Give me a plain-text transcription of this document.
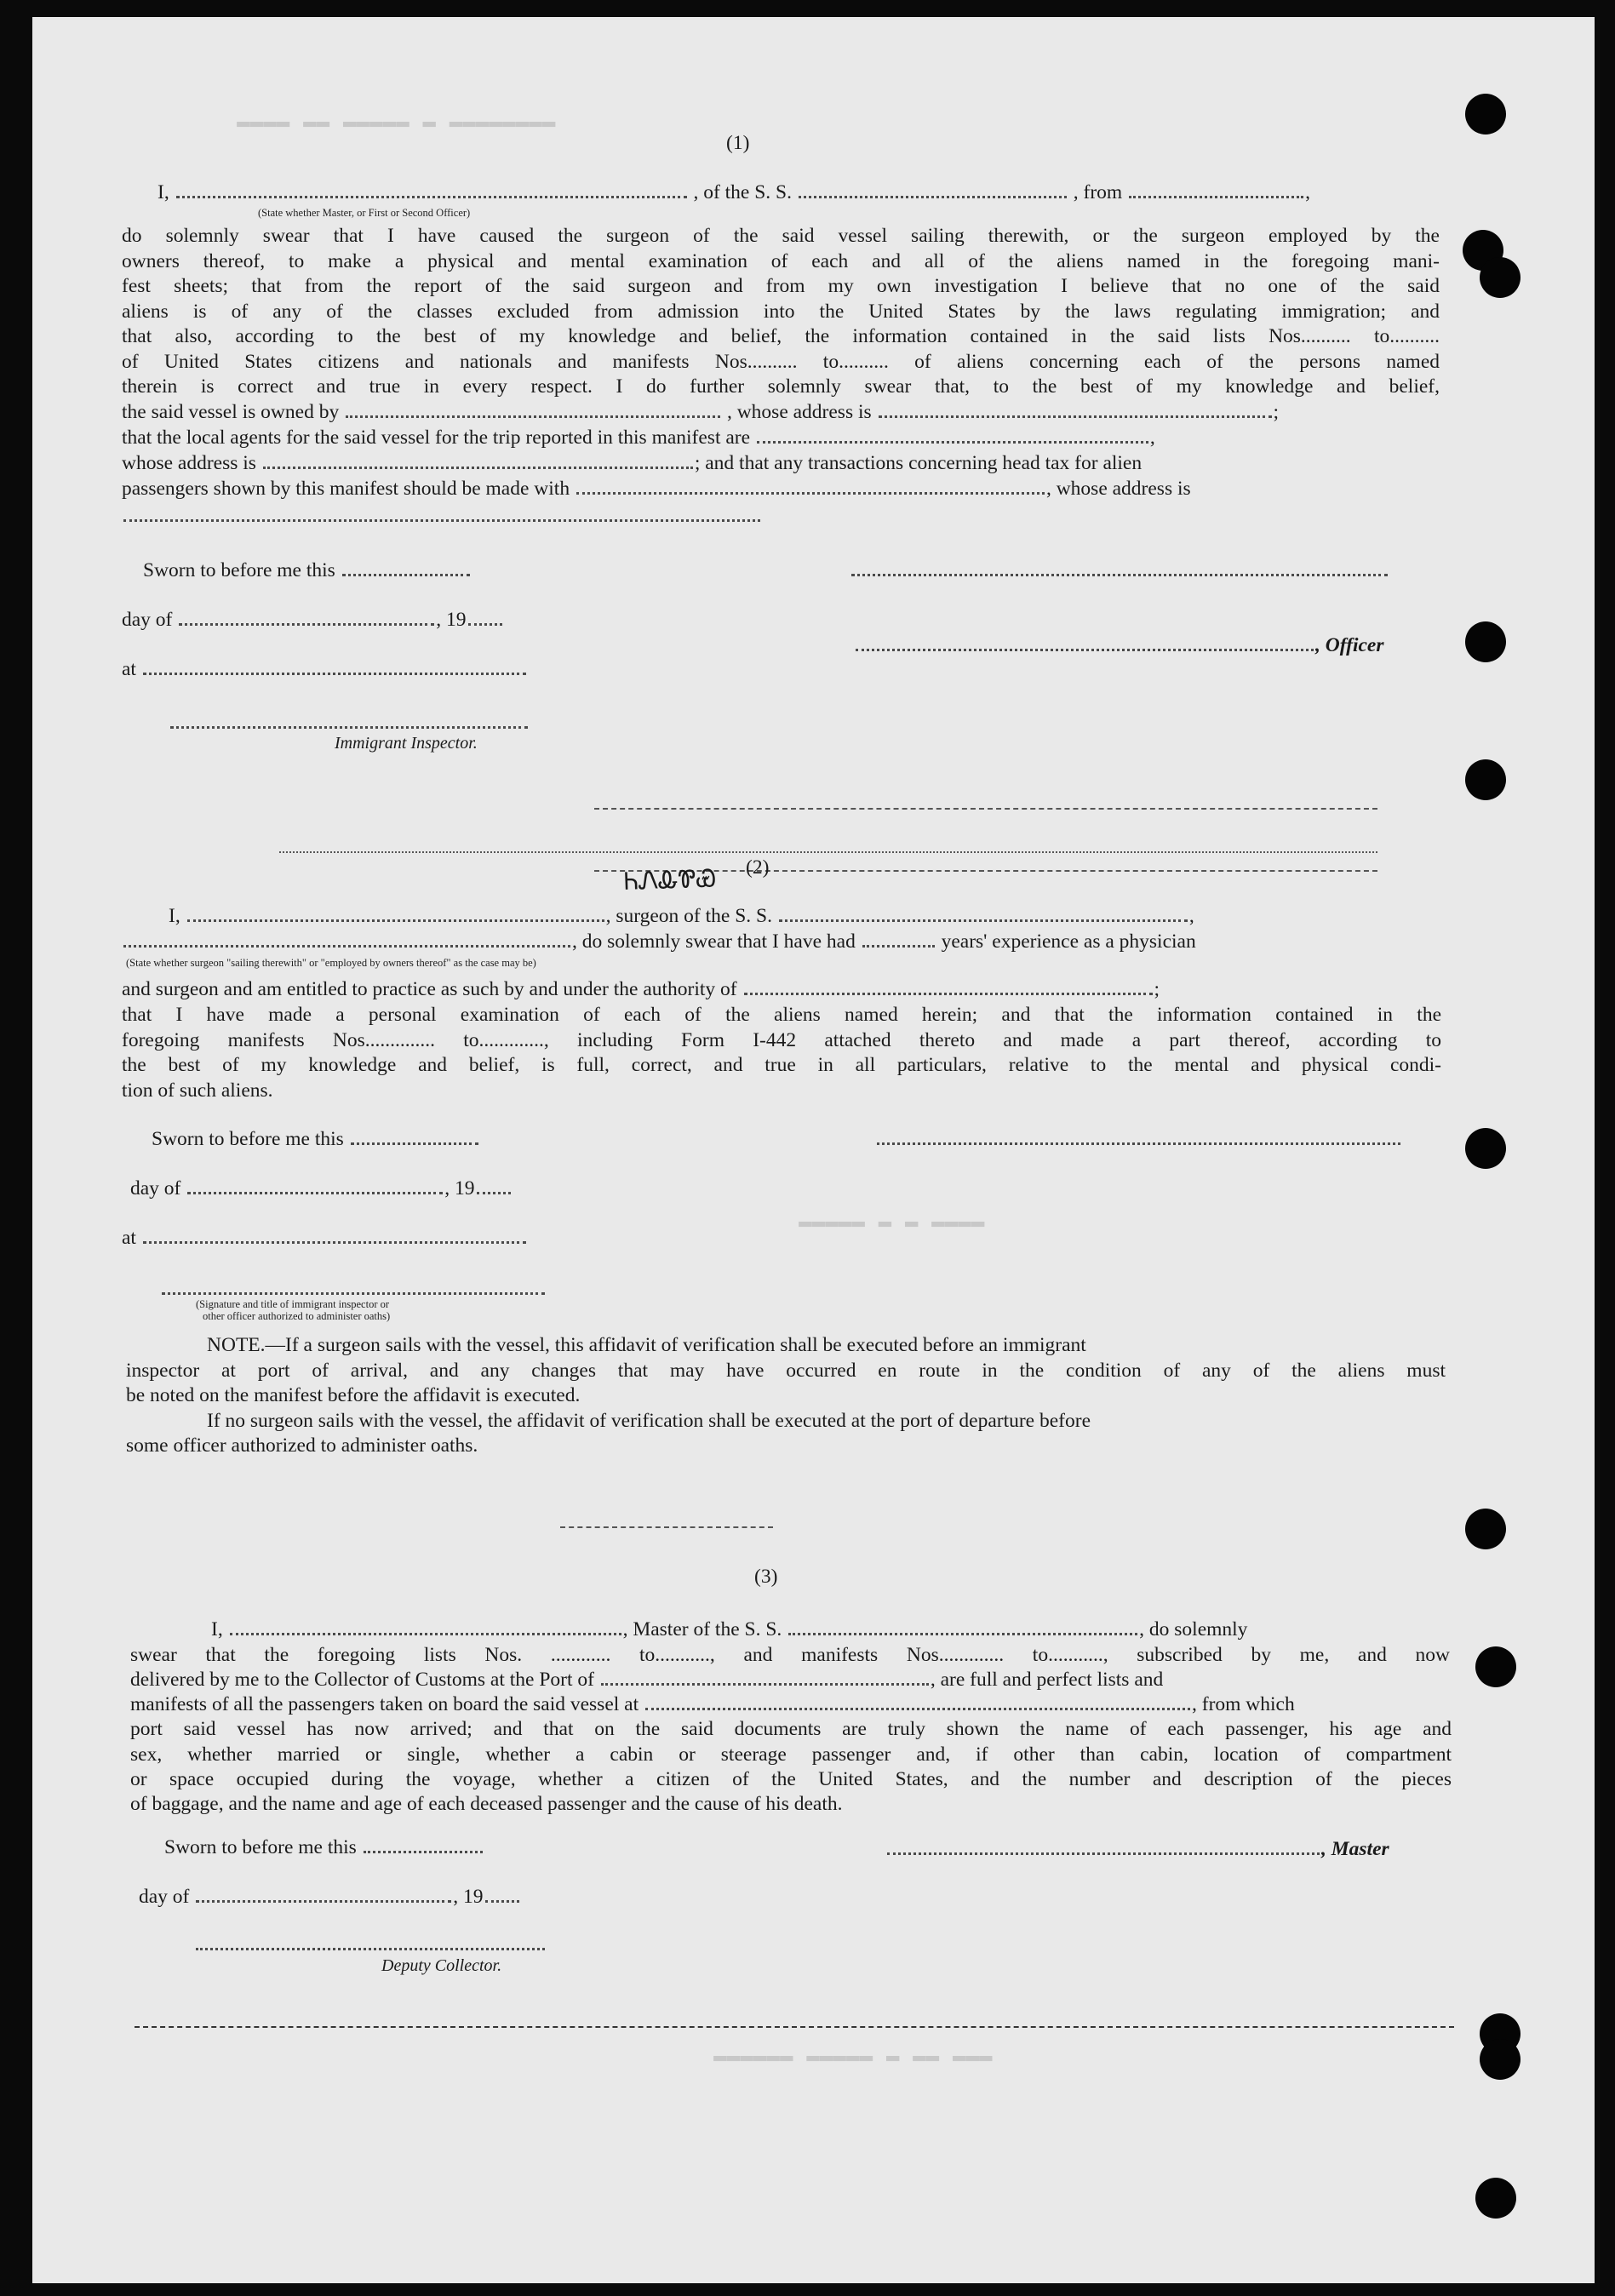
▬▬▬▬ ▬▬ ▬▬▬▬▬ ▬ ▬▬▬▬▬▬▬▬
▬▬▬▬▬ ▬ ▬ ▬▬▬▬
▬▬▬▬▬▬ ▬▬▬▬▬ ▬ ▬▬ ▬▬▬
(1)
I,	, of the S. S.	, from	,
(State whether Master, or First or Second Officer)
do solemnly swear that I have caused the surgeon of the said vessel sailing therewith, or the surgeon employed by the
owners thereof, to make a physical and mental examination of each and all of the aliens named in the foregoing mani-
fest sheets; that from the report of the said surgeon and from my own investigation I believe that no one of the said
aliens is of any of the classes excluded from admission into the United States by the laws regulating immigration; and
that also, according to the best of my knowledge and belief, the information contained in the said lists Nos.......... to..........
of United States citizens and nationals and manifests Nos.......... to.......... of aliens concerning each of the persons named
therein is correct and true in every respect. I do further solemnly swear that, to the best of my knowledge and belief,
the said vessel is owned by	, whose address is	;
that the local agents for the said vessel for the trip reported in this manifest are	,
whose address is	; and that any transactions concerning head tax for alien
passengers shown by this manifest should be made with	, whose address is
Sworn to before me this
day of	, 19
, Officer
at
Immigrant Inspector.
ᏂᏁᎲᏈᏯ (2)
I,	, surgeon of the S. S.	,
, do solemnly swear that I have had	years' experience as a physician
(State whether surgeon "sailing therewith" or "employed by owners thereof" as the case may be)
and surgeon and am entitled to practice as such by and under the authority of	;
that I have made a personal examination of each of the aliens named herein; and that the information contained in the
foregoing manifests Nos.............. to............., including Form I-442 attached thereto and made a part thereof, according to
the best of my knowledge and belief, is full, correct, and true in all particulars, relative to the mental and physical condi-
tion of such aliens.
Sworn to before me this
day of	, 19
at
(Signature and title of immigrant inspector or
other officer authorized to administer oaths)
NOTE.—If a surgeon sails with the vessel, this affidavit of verification shall be executed before an immigrant
inspector at port of arrival, and any changes that may have occurred en route in the condition of any of the aliens must
be noted on the manifest before the affidavit is executed.
If no surgeon sails with the vessel, the affidavit of verification shall be executed at the port of departure before
some officer authorized to administer oaths.
(3)
I,	, Master of the S. S.	, do solemnly
swear that the foregoing lists Nos. ............ to..........., and manifests Nos............. to..........., subscribed by me, and now
delivered by me to the Collector of Customs at the Port of	, are full and perfect lists and
manifests of all the passengers taken on board the said vessel at	, from which
port said vessel has now arrived; and that on the said documents are truly shown the name of each passenger, his age and
sex, whether married or single, whether a cabin or steerage passenger and, if other than cabin, location of compartment
or space occupied during the voyage, whether a citizen of the United States, and the number and description of the pieces
of baggage, and the name and age of each deceased passenger and the cause of his death.
Sworn to before me this	, Master
day of	, 19
Deputy Collector.
